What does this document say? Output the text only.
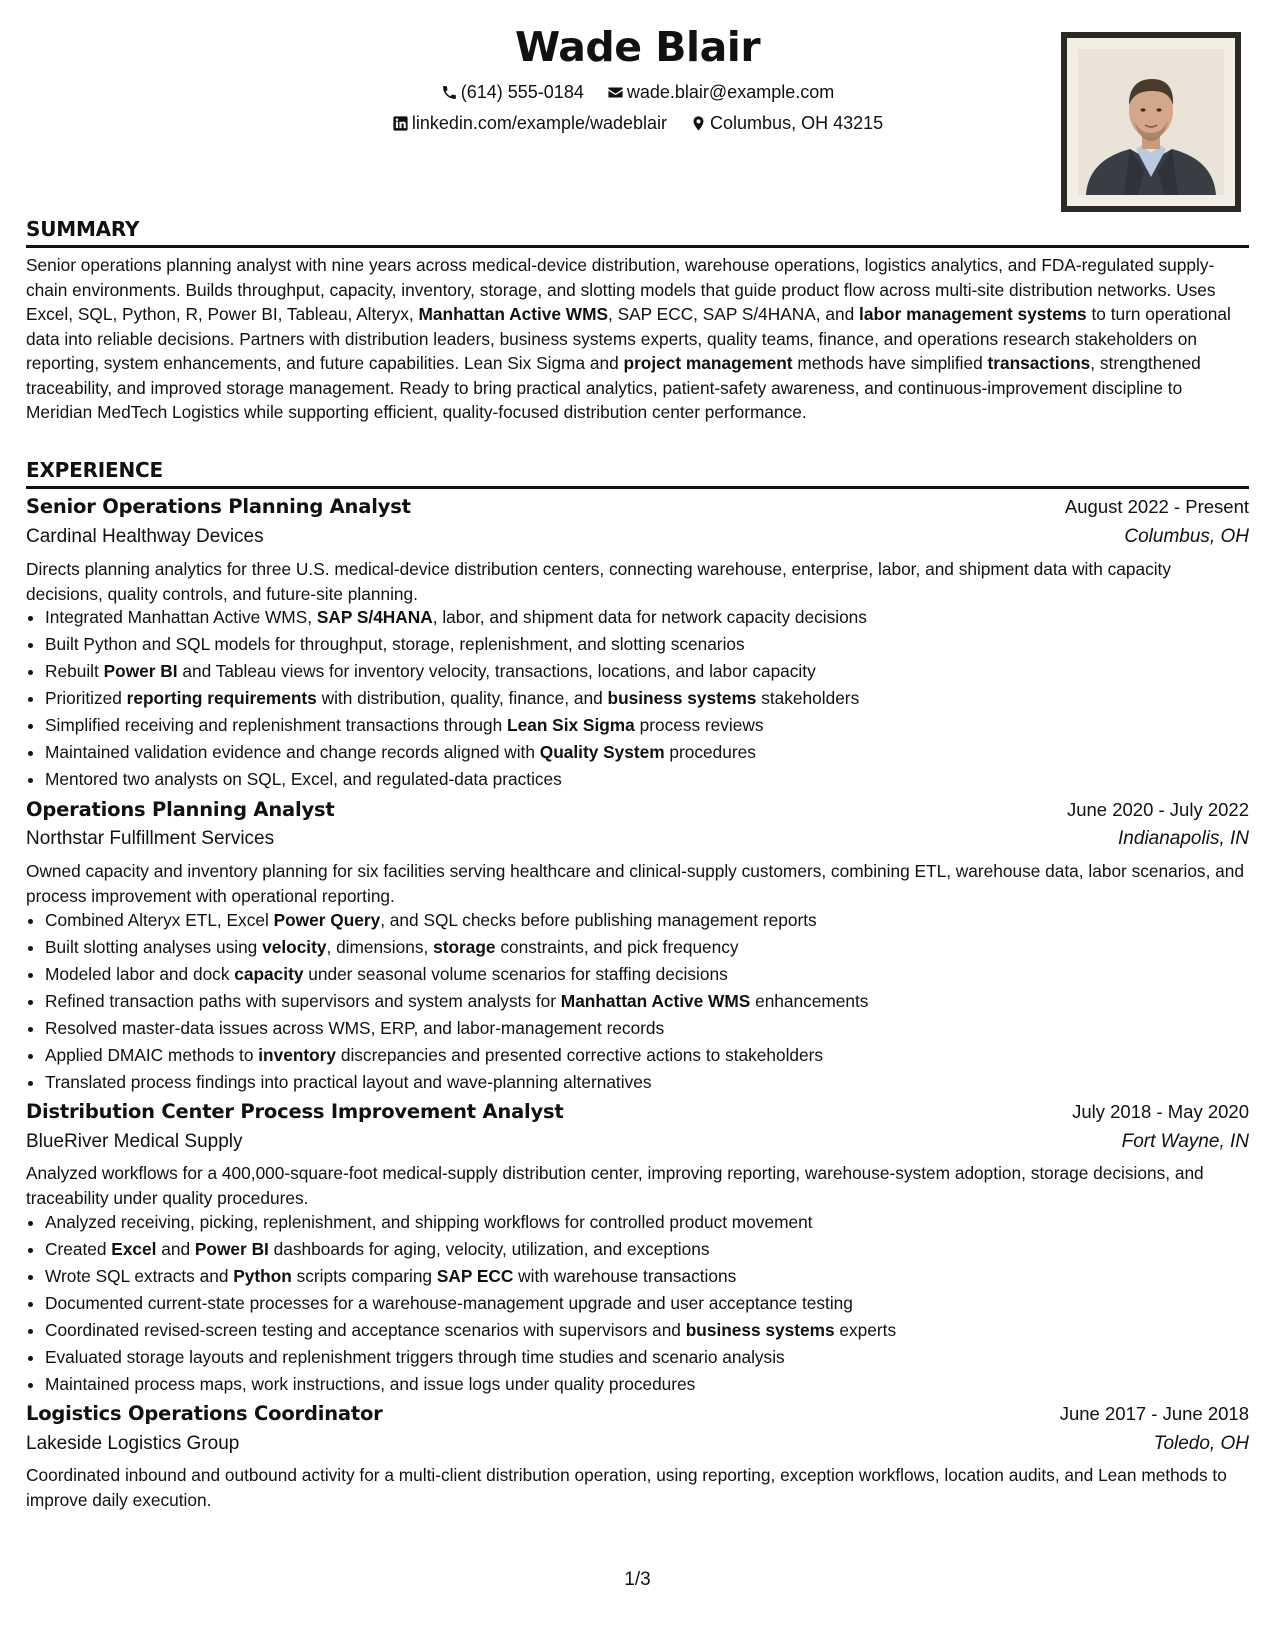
Wade Blair
(614) 555-0184 wade.blair@example.com
linkedin.com/example/wadeblair Columbus, OH 43215
SUMMARY
Senior operations planning analyst with nine years across medical-device distribution, warehouse operations, logistics analytics, and FDA-regulated supply-chain environments. Builds throughput, capacity, inventory, storage, and slotting models that guide product flow across multi-site distribution networks. Uses Excel, SQL, Python, R, Power BI, Tableau, Alteryx, Manhattan Active WMS, SAP ECC, SAP S/4HANA, and labor management systems to turn operational data into reliable decisions. Partners with distribution leaders, business systems experts, quality teams, finance, and operations research stakeholders on reporting, system enhancements, and future capabilities. Lean Six Sigma and project management methods have simplified transactions, strengthened traceability, and improved storage management. Ready to bring practical analytics, patient-safety awareness, and continuous-improvement discipline to Meridian MedTech Logistics while supporting efficient, quality-focused distribution center performance.
EXPERIENCE
Senior Operations Planning Analyst	August 2022 - Present
Cardinal Healthway Devices	Columbus, OH
Directs planning analytics for three U.S. medical-device distribution centers, connecting warehouse, enterprise, labor, and shipment data with capacity decisions, quality controls, and future-site planning.
• Integrated Manhattan Active WMS, SAP S/4HANA, labor, and shipment data for network capacity decisions
• Built Python and SQL models for throughput, storage, replenishment, and slotting scenarios
• Rebuilt Power BI and Tableau views for inventory velocity, transactions, locations, and labor capacity
• Prioritized reporting requirements with distribution, quality, finance, and business systems stakeholders
• Simplified receiving and replenishment transactions through Lean Six Sigma process reviews
• Maintained validation evidence and change records aligned with Quality System procedures
• Mentored two analysts on SQL, Excel, and regulated-data practices
Operations Planning Analyst	June 2020 - July 2022
Northstar Fulfillment Services	Indianapolis, IN
Owned capacity and inventory planning for six facilities serving healthcare and clinical-supply customers, combining ETL, warehouse data, labor scenarios, and process improvement with operational reporting.
• Combined Alteryx ETL, Excel Power Query, and SQL checks before publishing management reports
• Built slotting analyses using velocity, dimensions, storage constraints, and pick frequency
• Modeled labor and dock capacity under seasonal volume scenarios for staffing decisions
• Refined transaction paths with supervisors and system analysts for Manhattan Active WMS enhancements
• Resolved master-data issues across WMS, ERP, and labor-management records
• Applied DMAIC methods to inventory discrepancies and presented corrective actions to stakeholders
• Translated process findings into practical layout and wave-planning alternatives
Distribution Center Process Improvement Analyst	July 2018 - May 2020
BlueRiver Medical Supply	Fort Wayne, IN
Analyzed workflows for a 400,000-square-foot medical-supply distribution center, improving reporting, warehouse-system adoption, storage decisions, and traceability under quality procedures.
• Analyzed receiving, picking, replenishment, and shipping workflows for controlled product movement
• Created Excel and Power BI dashboards for aging, velocity, utilization, and exceptions
• Wrote SQL extracts and Python scripts comparing SAP ECC with warehouse transactions
• Documented current-state processes for a warehouse-management upgrade and user acceptance testing
• Coordinated revised-screen testing and acceptance scenarios with supervisors and business systems experts
• Evaluated storage layouts and replenishment triggers through time studies and scenario analysis
• Maintained process maps, work instructions, and issue logs under quality procedures
Logistics Operations Coordinator	June 2017 - June 2018
Lakeside Logistics Group	Toledo, OH
Coordinated inbound and outbound activity for a multi-client distribution operation, using reporting, exception workflows, location audits, and Lean methods to improve daily execution.
1/3
